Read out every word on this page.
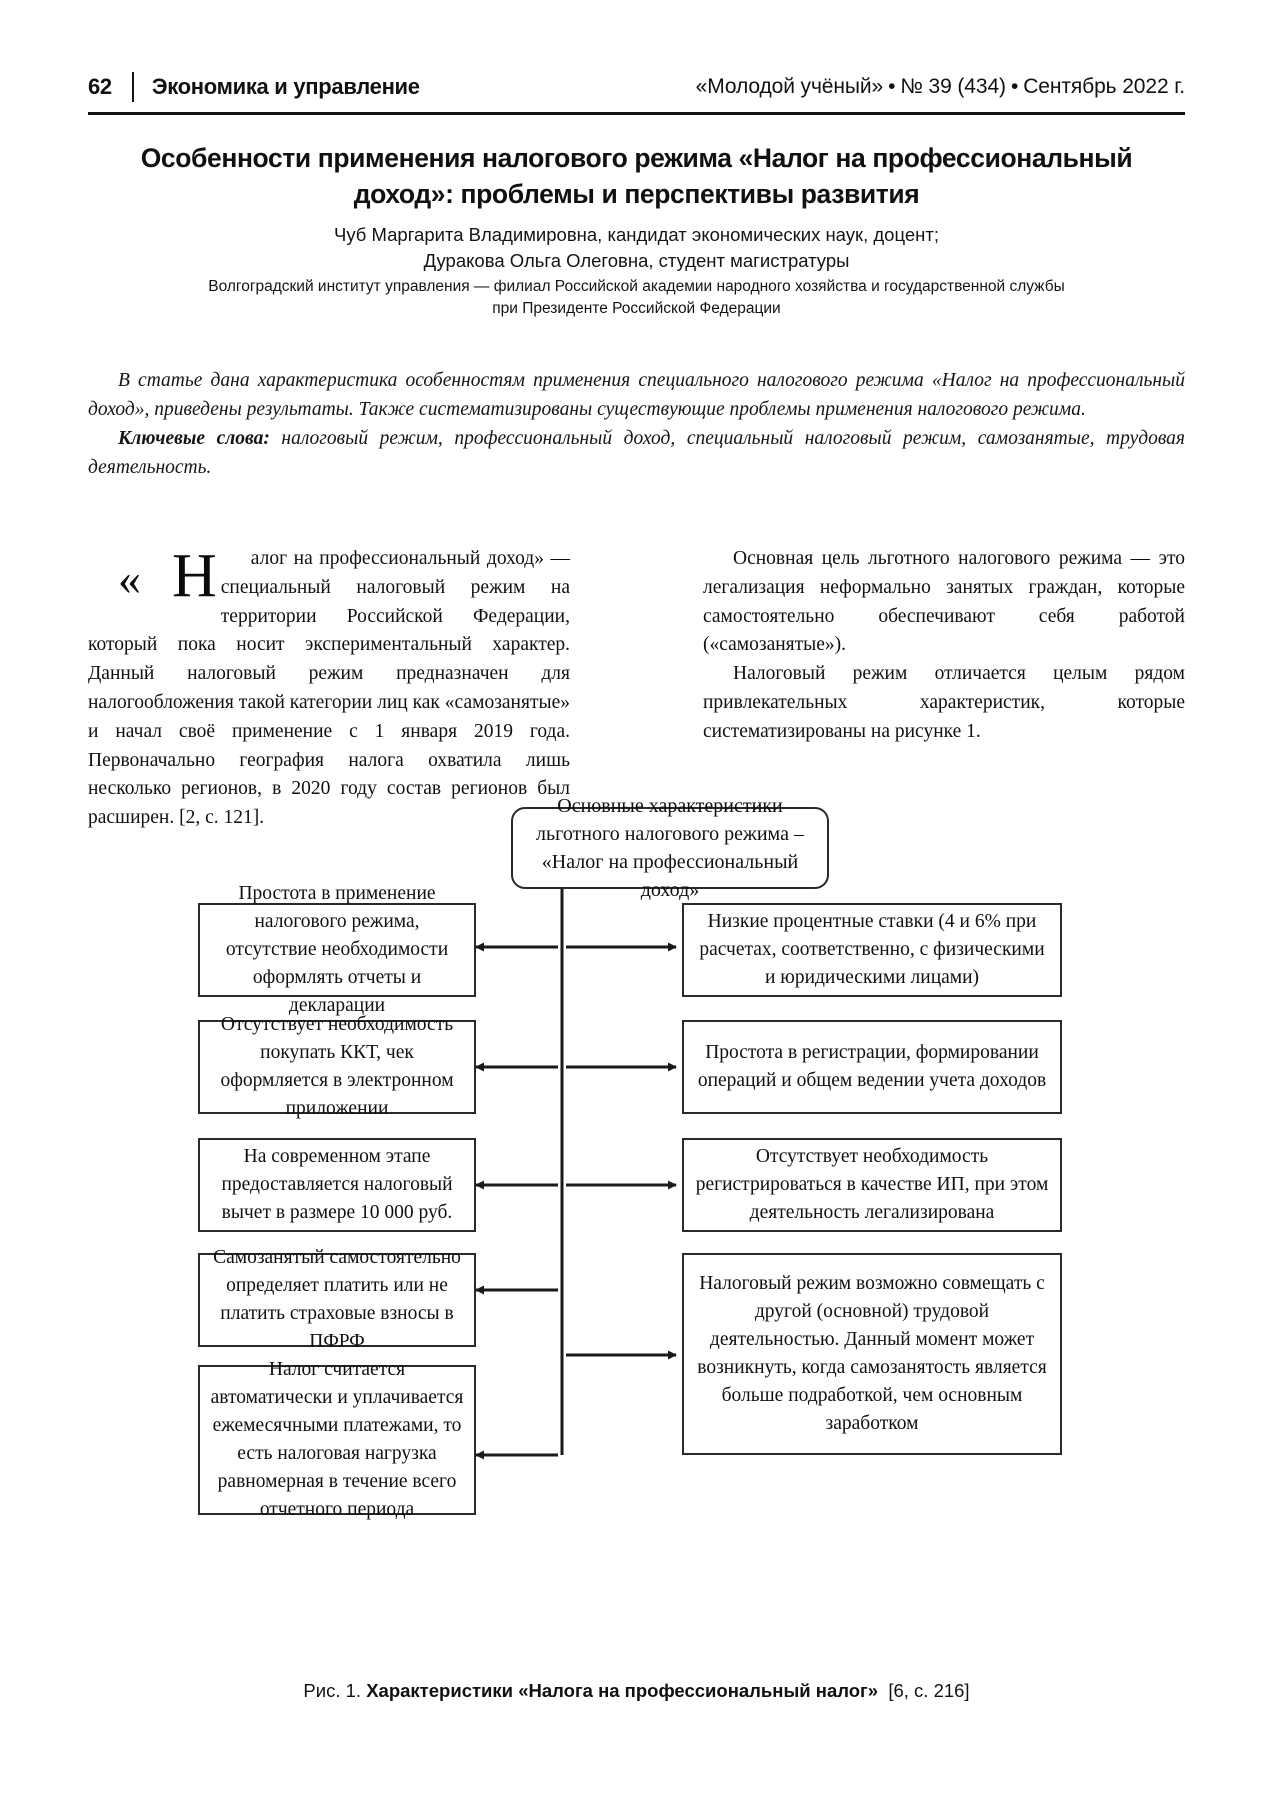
62 Экономика и управление	«Молодой учёный» • № 39 (434) • Сентябрь 2022 г.
Особенности применения налогового режима «Налог на профессиональный доход»: проблемы и перспективы развития
Чуб Маргарита Владимировна, кандидат экономических наук, доцент;
Дуракова Ольга Олеговна, студент магистратуры
Волгоградский институт управления — филиал Российской академии народного хозяйства и государственной службы
при Президенте Российской Федерации

В статье дана характеристика особенностям применения специального налогового режима «Налог на профессиональный доход», приведены результаты. Также систематизированы существующие проблемы применения налогового режима.

Ключевые слова: налоговый режим, профессиональный доход, специальный налоговый режим, самозанятые, трудовая деятельность.

« Н алог на профессиональный доход» — специальный налоговый режим на территории Российской Федерации, который пока носит экспериментальный характер. Данный налоговый режим предназначен для налогообложения такой категории лиц как «самозанятые» и начал своё применение с 1 января 2019 года. Первоначально география налога охватила лишь несколько регионов, в 2020 году состав регионов был расширен. [2, с. 121].

Основная цель льготного налогового режима — это легализация неформально занятых граждан, которые самостоятельно обеспечивают себя работой («самозанятые»).

Налоговый режим отличается целым рядом привлекательных характеристик, которые систематизированы на рисунке 1.

Основные характеристики льготного налогового режима – «Налог на профессиональный доход»
Простота в применение налогового режима, отсутствие необходимости оформлять отчеты и декларации
Отсутствует необходимость покупать ККТ, чек оформляется в электронном приложении
На современном этапе предоставляется налоговый вычет в размере 10 000 руб.
Самозанятый самостоятельно определяет платить или не платить страховые взносы в ПФРФ
Налог считается автоматически и уплачивается ежемесячными платежами, то есть налоговая нагрузка равномерная в течение всего отчетного периода
Низкие процентные ставки (4 и 6% при расчетах, соответственно, с физическими и юридическими лицами)
Простота в регистрации, формировании операций и общем ведении учета доходов
Отсутствует необходимость регистрироваться в качестве ИП, при этом деятельность легализирована
Налоговый режим возможно совмещать с другой (основной) трудовой деятельностью. Данный момент может возникнуть, когда самозанятость является больше подработкой, чем основным заработком
Рис. 1. Характеристики «Налога на профессиональный налог» [6, с. 216]
